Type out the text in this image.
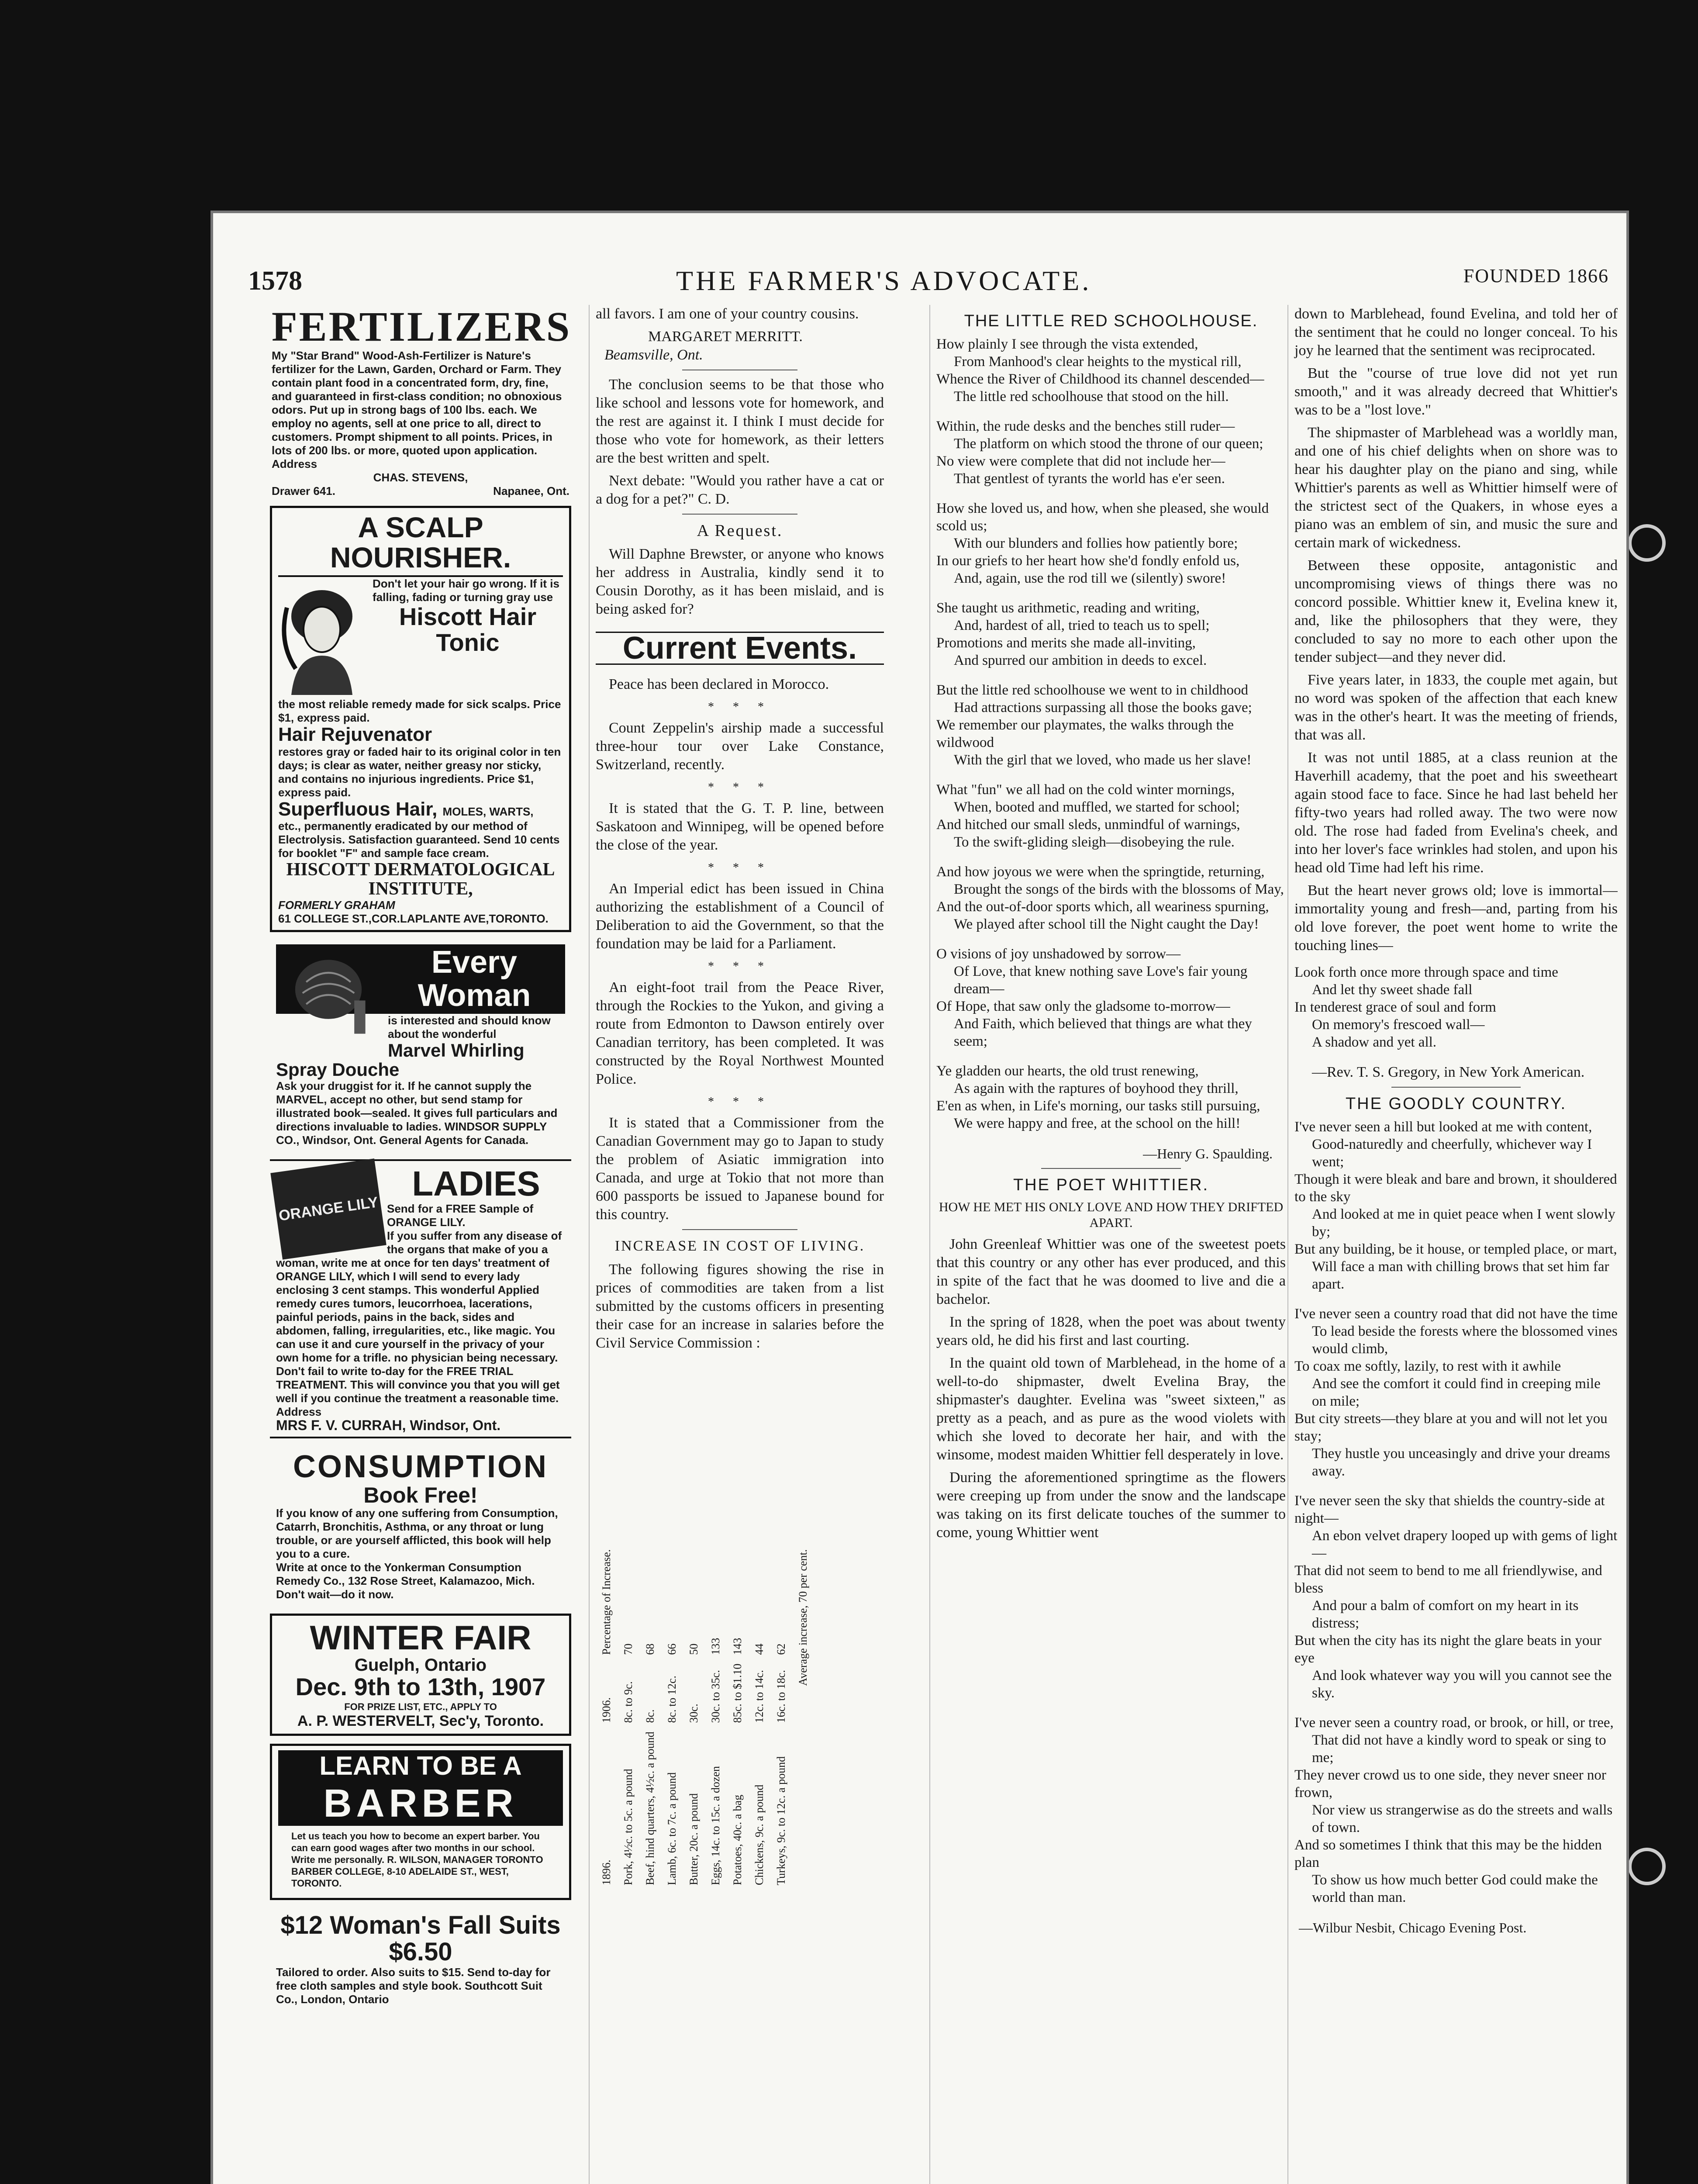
1578	THE FARMER'S ADVOCATE.	FOUNDED 1866
FERTILIZERS
My "Star Brand" Wood-Ash-Fertilizer is Nature's fertilizer for the Lawn, Garden, Orchard or Farm. They contain plant food in a concentrated form, dry, fine, and guaranteed in first-class condition; no obnoxious odors. Put up in strong bags of 100 lbs. each. We employ no agents, sell at one price to all, direct to customers. Prompt shipment to all points. Prices, in lots of 200 lbs. or more, quoted upon application. Address
CHAS. STEVENS,
Drawer 641.	Napanee, Ont.
A SCALP NOURISHER.
Don't let your hair go wrong. If it is falling, fading or turning gray use
Hiscott Hair Tonic
the most reliable remedy made for sick scalps. Price $1, express paid.
Hair Rejuvenator
restores gray or faded hair to its original color in ten days; is clear as water, neither greasy nor sticky, and contains no injurious ingredients. Price $1, express paid.
Superfluous Hair, MOLES, WARTS,
etc., permanently eradicated by our method of Electrolysis. Satisfaction guaranteed. Send 10 cents for booklet "F" and sample face cream.
HISCOTT DERMATOLOGICAL INSTITUTE,
FORMERLY GRAHAM
61 COLLEGE ST.,COR.LAPLANTE AVE,TORONTO.
Every Woman
is interested and should know about the wonderful
Marvel Whirling Spray Douche
Ask your druggist for it. If he cannot supply the MARVEL, accept no other, but send stamp for illustrated book—sealed. It gives full particulars and directions invaluable to ladies. WINDSOR SUPPLY CO., Windsor, Ont. General Agents for Canada.
ORANGE LILY
LADIES
Send for a FREE Sample of ORANGE LILY.
If you suffer from any disease of the organs that make of you a woman, write me at once for ten days' treatment of ORANGE LILY, which I will send to every lady enclosing 3 cent stamps. This wonderful Applied remedy cures tumors, leucorrhoea, lacerations, painful periods, pains in the back, sides and abdomen, falling, irregularities, etc., like magic. You can use it and cure yourself in the privacy of your own home for a trifle. no physician being necessary. Don't fail to write to-day for the FREE TRIAL TREATMENT. This will convince you that you will get well if you continue the treatment a reasonable time. Address
MRS F. V. CURRAH, Windsor, Ont.
CONSUMPTION
Book Free!
If you know of any one suffering from Consumption, Catarrh, Bronchitis, Asthma, or any throat or lung trouble, or are yourself afflicted, this book will help you to a cure.
Write at once to the Yonkerman Consumption Remedy Co., 132 Rose Street, Kalamazoo, Mich. Don't wait—do it now.
WINTER FAIR
Guelph, Ontario
Dec. 9th to 13th, 1907
FOR PRIZE LIST, ETC., APPLY TO
A. P. WESTERVELT, Sec'y, Toronto.
LEARN TO BE A
BARBER
Let us teach you how to become an expert barber. You can earn good wages after two months in our school. Write me personally. R. WILSON, MANAGER TORONTO BARBER COLLEGE, 8-10 ADELAIDE ST., WEST, TORONTO.
$12 Woman's Fall Suits $6.50
Tailored to order. Also suits to $15. Send to-day for free cloth samples and style book. Southcott Suit Co., London, Ontario

all favors. I am one of your country cousins.

MARGARET MERRITT.
Beamsville, Ont.

The conclusion seems to be that those who like school and lessons vote for homework, and the rest are against it. I think I must decide for those who vote for homework, as their letters are the best written and spelt.

Next debate: "Would you rather have a cat or a dog for a pet?" C. D.

A Request.

Will Daphne Brewster, or anyone who knows her address in Australia, kindly send it to Cousin Dorothy, as it has been mislaid, and is being asked for?

Current Events.

Peace has been declared in Morocco.

* * *

Count Zeppelin's airship made a successful three-hour tour over Lake Constance, Switzerland, recently.

* * *

It is stated that the G. T. P. line, between Saskatoon and Winnipeg, will be opened before the close of the year.

* * *

An Imperial edict has been issued in China authorizing the establishment of a Council of Deliberation to aid the Government, so that the foundation may be laid for a Parliament.

* * *

An eight-foot trail from the Peace River, through the Rockies to the Yukon, and giving a route from Edmonton to Dawson entirely over Canadian territory, has been completed. It was constructed by the Royal Northwest Mounted Police.

* * *

It is stated that a Commissioner from the Canadian Government may go to Japan to study the problem of Asiatic immigration into Canada, and urge at Tokio that not more than 600 passports be issued to Japanese bound for this country.

INCREASE IN COST OF LIVING.

The following figures showing the rise in prices of commodities are taken from a list submitted by the customs officers in presenting their case for an increase in salaries before the Civil Service Commission :

1896.	1906.	Percentage of Increase.
Pork, 4½c. to 5c. a pound	8c. to 9c.	70
Beef, hind quarters, 4½c. a pound	8c.	68
Lamb, 6c. to 7c. a pound	8c. to 12c.	66
Butter, 20c. a pound	30c.	50
Eggs, 14c. to 15c. a dozen	30c. to 35c.	133
Potatoes, 40c. a bag	85c. to $1.10	143
Chickens, 9c. a pound	12c. to 14c.	44
Turkeys, 9c. to 12c. a pound	16c. to 18c.	62
Average increase, 70 per cent.		
THE LITTLE RED SCHOOLHOUSE.
How plainly I see through the vista extended,
From Manhood's clear heights to the mystical rill,
Whence the River of Childhood its channel descended—
The little red schoolhouse that stood on the hill.
Within, the rude desks and the benches still ruder—
The platform on which stood the throne of our queen;
No view were complete that did not include her—
That gentlest of tyrants the world has e'er seen.
How she loved us, and how, when she pleased, she would scold us;
With our blunders and follies how patiently bore;
In our griefs to her heart how she'd fondly enfold us,
And, again, use the rod till we (silently) swore!
She taught us arithmetic, reading and writing,
And, hardest of all, tried to teach us to spell;
Promotions and merits she made all-inviting,
And spurred our ambition in deeds to excel.
But the little red schoolhouse we went to in childhood
Had attractions surpassing all those the books gave;
We remember our playmates, the walks through the wildwood
With the girl that we loved, who made us her slave!
What "fun" we all had on the cold winter mornings,
When, booted and muffled, we started for school;
And hitched our small sleds, unmindful of warnings,
To the swift-gliding sleigh—disobeying the rule.
And how joyous we were when the springtide, returning,
Brought the songs of the birds with the blossoms of May,
And the out-of-door sports which, all weariness spurning,
We played after school till the Night caught the Day!
O visions of joy unshadowed by sorrow—
Of Love, that knew nothing save Love's fair young dream—
Of Hope, that saw only the gladsome to-morrow—
And Faith, which believed that things are what they seem;
Ye gladden our hearts, the old trust renewing,
As again with the raptures of boyhood they thrill,
E'en as when, in Life's morning, our tasks still pursuing,
We were happy and free, at the school on the hill!
—Henry G. Spaulding.
THE POET WHITTIER.
HOW HE MET HIS ONLY LOVE AND HOW THEY DRIFTED APART.

John Greenleaf Whittier was one of the sweetest poets that this country or any other has ever produced, and this in spite of the fact that he was doomed to live and die a bachelor.

In the spring of 1828, when the poet was about twenty years old, he did his first and last courting.

In the quaint old town of Marblehead, in the home of a well-to-do shipmaster, dwelt Evelina Bray, the shipmaster's daughter. Evelina was "sweet sixteen," as pretty as a peach, and as pure as the wood violets with which she loved to decorate her hair, and with the winsome, modest maiden Whittier fell desperately in love.

During the aforementioned springtime as the flowers were creeping up from under the snow and the landscape was taking on its first delicate touches of the summer to come, young Whittier went

down to Marblehead, found Evelina, and told her of the sentiment that he could no longer conceal. To his joy he learned that the sentiment was reciprocated.

But the "course of true love did not yet run smooth," and it was already decreed that Whittier's was to be a "lost love."

The shipmaster of Marblehead was a worldly man, and one of his chief delights when on shore was to hear his daughter play on the piano and sing, while Whittier's parents as well as Whittier himself were of the strictest sect of the Quakers, in whose eyes a piano was an emblem of sin, and music the sure and certain mark of wickedness.

Between these opposite, antagonistic and uncompromising views of things there was no concord possible. Whittier knew it, Evelina knew it, and, like the philosophers that they were, they concluded to say no more to each other upon the tender subject—and they never did.

Five years later, in 1833, the couple met again, but no word was spoken of the affection that each knew was in the other's heart. It was the meeting of friends, that was all.

It was not until 1885, at a class reunion at the Haverhill academy, that the poet and his sweetheart again stood face to face. Since he had last beheld her fifty-two years had rolled away. The two were now old. The rose had faded from Evelina's cheek, and into her lover's face wrinkles had stolen, and upon his head old Time had left his rime.

But the heart never grows old; love is immortal—immortality young and fresh—and, parting from his old love forever, the poet went home to write the touching lines—

Look forth once more through space and time
And let thy sweet shade fall
In tenderest grace of soul and form
On memory's frescoed wall—
A shadow and yet all.
—Rev. T. S. Gregory, in New York American.
THE GOODLY COUNTRY.
I've never seen a hill but looked at me with content,
Good-naturedly and cheerfully, whichever way I went;
Though it were bleak and bare and brown, it shouldered to the sky
And looked at me in quiet peace when I went slowly by;
But any building, be it house, or templed place, or mart,
Will face a man with chilling brows that set him far apart.
I've never seen a country road that did not have the time
To lead beside the forests where the blossomed vines would climb,
To coax me softly, lazily, to rest with it awhile
And see the comfort it could find in creeping mile on mile;
But city streets—they blare at you and will not let you stay;
They hustle you unceasingly and drive your dreams away.
I've never seen the sky that shields the country-side at night—
An ebon velvet drapery looped up with gems of light—
That did not seem to bend to me all friendlywise, and bless
And pour a balm of comfort on my heart in its distress;
But when the city has its night the glare beats in your eye
And look whatever way you will you cannot see the sky.
I've never seen a country road, or brook, or hill, or tree,
That did not have a kindly word to speak or sing to me;
They never crowd us to one side, they never sneer nor frown,
Nor view us strangerwise as do the streets and walls of town.
And so sometimes I think that this may be the hidden plan
To show us how much better God could make the world than man.
—Wilbur Nesbit, Chicago Evening Post.
